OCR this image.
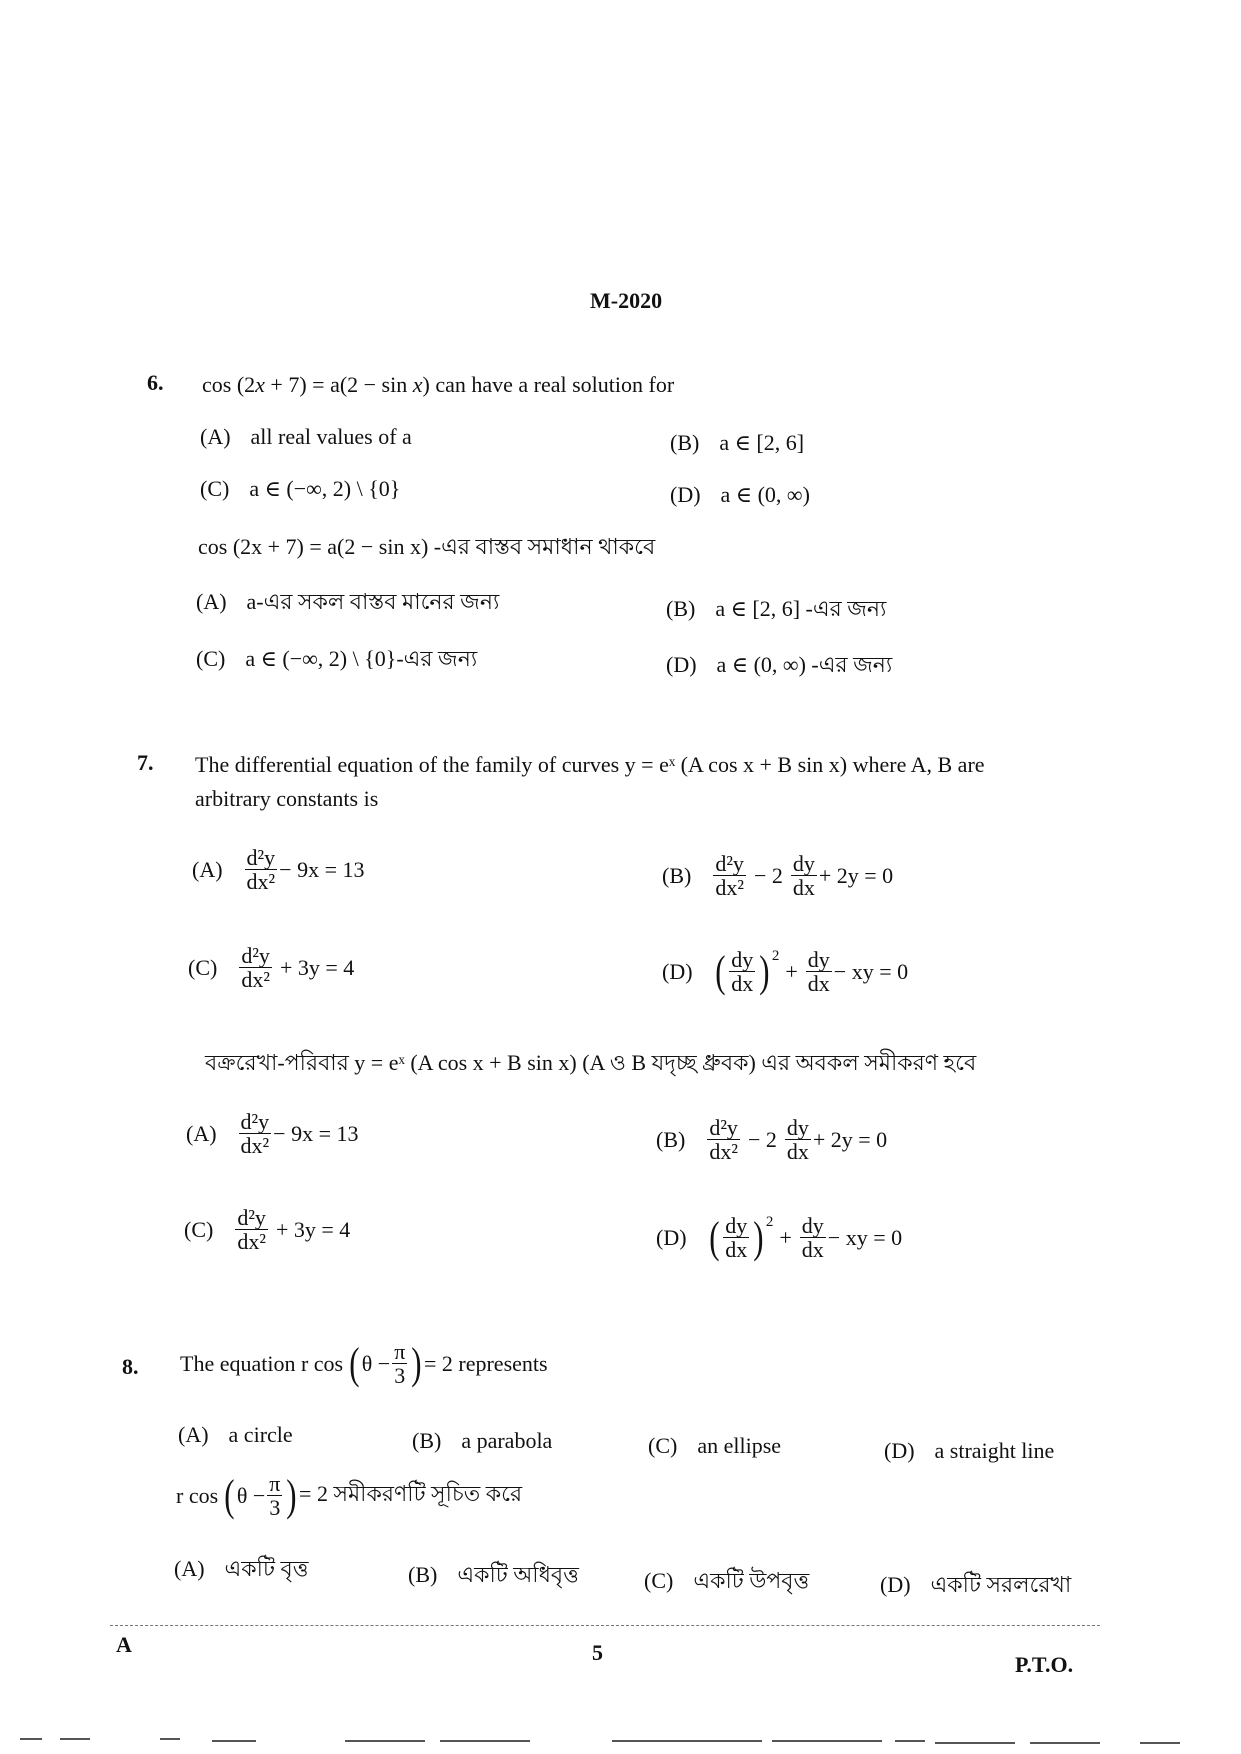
M-2020
6. cos (2x + 7) = a(2 − sin x) can have a real solution for
(A) all real values of a	(B) a ∈ [2, 6]
(C) a ∈ (−∞, 2) \ {0}	(D) a ∈ (0, ∞)
cos (2x + 7) = a(2 − sin x) -এর বাস্তব সমাধান থাকবে
(A) a-এর সকল বাস্তব মানের জন্য	(B) a ∈ [2, 6] -এর জন্য
(C) a ∈ (−∞, 2) \ {0}-এর জন্য	(D) a ∈ (0, ∞) -এর জন্য
7. The differential equation of the family of curves y = eˣ (A cos x + B sin x) where A, B are
arbitrary constants is
$(A) \frac{\text{d²y}}{\text{dx²}} - 9x = 13$	$(B) \frac{\text{d²y}}{\text{dx²}} - 2 \frac{dy}{dx} + 2y = 0$
$(C) \frac{\text{d²y}}{\text{dx²}} + 3y = 4$	(D) ( $\frac{dy}{dx} )^2$
+ $\frac{dy}{dx}$ − xy = 0
বক্ররেখা-পরিবার y = eˣ (A cos x + B sin x) (A ও B যদৃচ্ছ ধ্রুবক) এর অবকল সমীকরণ হবে
$(A) \frac{\text{d²y}}{\text{dx²}} - 9x = 13$	$(B) \frac{\text{d²y}}{\text{dx²}} - 2 \frac{dy}{dx} + 2y = 0$
$(C) \frac{\text{d²y}}{\text{dx²}} + 3y = 4$	(D) ( $\frac{dy}{dx} )^2$
+ $\frac{dy}{dx}$ − xy = 0
8. The equation r cos ( $\theta - \frac{\pi}{3}$ ) = 2 represents
(A) a circle	(B) a parabola	(C) an ellipse	(D) a straight line
r cos ( $\theta - \frac{\pi}{3}$ ) = 2 সমীকরণটি সূচিত করে
(A) একটি বৃত্ত	(B) একটি অধিবৃত্ত	(C) একটি উপবৃত্ত	(D) একটি সরলরেখা
A	5	P.T.O.
